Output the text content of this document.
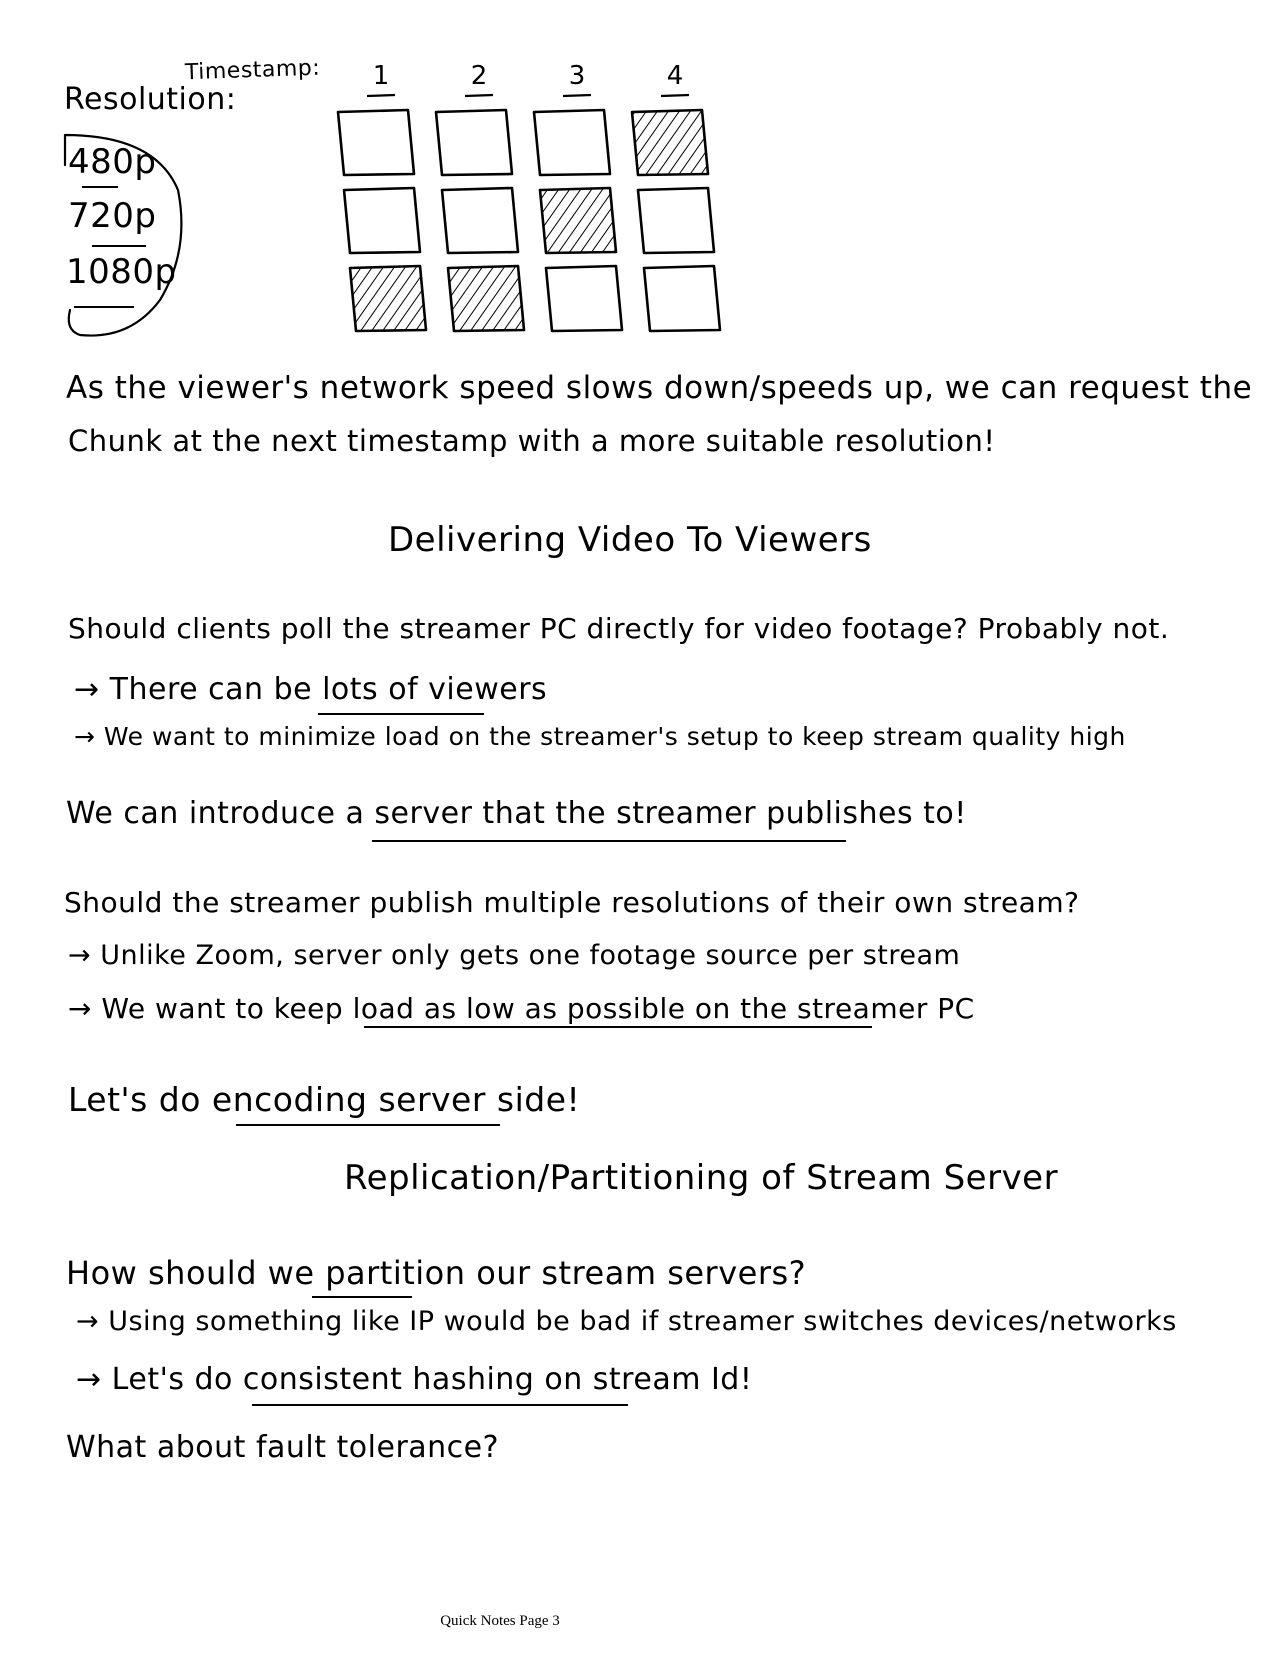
Timestamp:
Resolution:
480p
720p
1080p
1	2	3	4
As the viewer's network speed slows down/speeds up, we can request the
Chunk at the next timestamp with a more suitable resolution!
Delivering Video To Viewers
Should clients poll the streamer PC directly for video footage? Probably not.
→ There can be lots of viewers
→ We want to minimize load on the streamer's setup to keep stream quality high
We can introduce a server that the streamer publishes to!
Should the streamer publish multiple resolutions of their own stream?
→ Unlike Zoom, server only gets one footage source per stream
→ We want to keep load as low as possible on the streamer PC
Let's do encoding server side!
Replication/Partitioning of Stream Server
How should we partition our stream servers?
→ Using something like IP would be bad if streamer switches devices/networks
→ Let's do consistent hashing on stream Id!
What about fault tolerance?
Quick Notes Page 3
